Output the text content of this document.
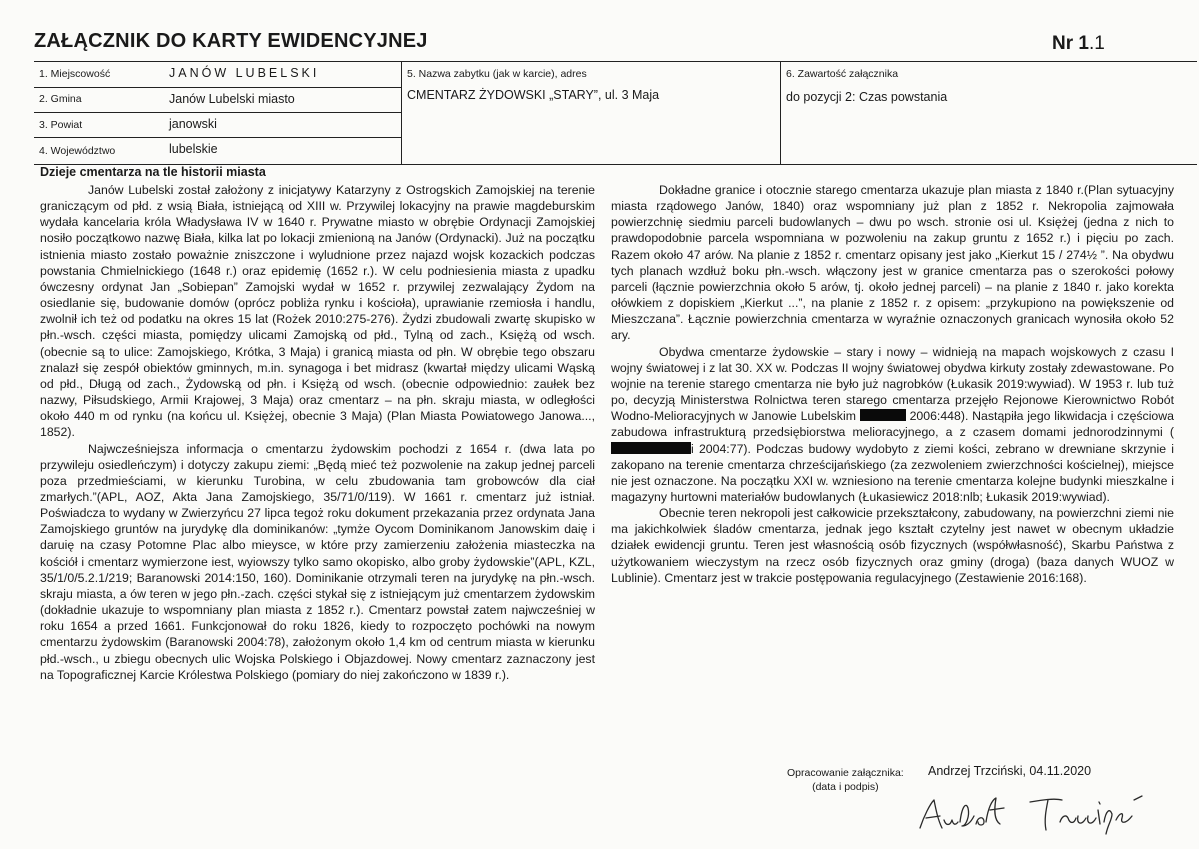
ZAŁĄCZNIK DO KARTY EWIDENCYJNEJ	Nr 1.1
1. Miejscowość	JANÓW LUBELSKI
2. Gmina	Janów Lubelski miasto
3. Powiat	janowski
4. Województwo	lubelskie
5. Nazwa zabytku (jak w karcie), adres
CMENTARZ ŻYDOWSKI „STARY”, ul. 3 Maja
6. Zawartość załącznika
do pozycji 2: Czas powstania
Dzieje cmentarza na tle historii miasta

Janów Lubelski został założony z inicjatywy Katarzyny z Ostrogskich Zamojskiej na terenie graniczącym od płd. z wsią Biała, istniejącą od XIII w. Przywilej lokacyjny na prawie magdeburskim wydała kancelaria króla Władysława IV w 1640 r. Prywatne miasto w obrębie Ordynacji Zamojskiej nosiło początkowo nazwę Biała, kilka lat po lokacji zmienioną na Janów (Ordynacki). Już na początku istnienia miasto zostało poważnie zniszczone i wyludnione przez najazd wojsk kozackich podczas powstania Chmielnickiego (1648 r.) oraz epidemię (1652 r.). W celu podniesienia miasta z upadku ówczesny ordynat Jan „Sobiepan” Zamojski wydał w 1652 r. przywilej zezwalający Żydom na osiedlanie się, budowanie domów (oprócz pobliża rynku i kościoła), uprawianie rzemiosła i handlu, zwolnił ich też od podatku na okres 15 lat (Rożek 2010:275-276). Żydzi zbudowali zwartę skupisko w płn.-wsch. części miasta, pomiędzy ulicami Zamojską od płd., Tylną od zach., Księżą od wsch. (obecnie są to ulice: Zamojskiego, Krótka, 3 Maja) i granicą miasta od płn. W obrębie tego obszaru znalazł się zespół obiektów gminnych, m.in. synagoga i bet midrasz (kwartał między ulicami Wąską od płd., Długą od zach., Żydowską od płn. i Księżą od wsch. (obecnie odpowiednio: zaułek bez nazwy, Piłsudskiego, Armii Krajowej, 3 Maja) oraz cmentarz – na płn. skraju miasta, w odległości około 440 m od rynku (na końcu ul. Księżej, obecnie 3 Maja) (Plan Miasta Powiatowego Janowa..., 1852).

Najwcześniejsza informacja o cmentarzu żydowskim pochodzi z 1654 r. (dwa lata po przywileju osiedleńczym) i dotyczy zakupu ziemi: „Będą mieć też pozwolenie na zakup jednej parceli poza przedmieściami, w kierunku Turobina, w celu zbudowania tam grobowców dla ciał zmarłych.”(APL, AOZ, Akta Jana Zamojskiego, 35/71/0/119). W 1661 r. cmentarz już istniał. Poświadcza to wydany w Zwierzyńcu 27 lipca tegoż roku dokument przekazania przez ordynata Jana Zamojskiego gruntów na jurydykę dla dominikanów: „tymże Oycom Dominikanom Janowskim daię i daruię na czasy Potomne Plac albo mieysce, w które przy zamierzeniu założenia miasteczka na kościół i cmentarz wymierzone iest, wyiowszy tylko samo okopisko, albo groby żydowskie”(APL, KZL, 35/1/0/5.2.1/219; Baranowski 2014:150, 160). Dominikanie otrzymali teren na jurydykę na płn.-wsch. skraju miasta, a ów teren w jego płn.-zach. części stykał się z istniejącym już cmentarzem żydowskim (dokładnie ukazuje to wspomniany plan miasta z 1852 r.). Cmentarz powstał zatem najwcześniej w roku 1654 a przed 1661. Funkcjonował do roku 1826, kiedy to rozpoczęto pochówki na nowym cmentarzu żydowskim (Baranowski 2004:78), założonym około 1,4 km od centrum miasta w kierunku płd.-wsch., u zbiegu obecnych ulic Wojska Polskiego i Objazdowej. Nowy cmentarz zaznaczony jest na Topograficznej Karcie Królestwa Polskiego (pomiary do niej zakończono w 1839 r.).

Dokładne granice i otocznie starego cmentarza ukazuje plan miasta z 1840 r.(Plan sytuacyjny miasta rządowego Janów, 1840) oraz wspomniany już plan z 1852 r. Nekropolia zajmowała powierzchnię siedmiu parceli budowlanych – dwu po wsch. stronie osi ul. Księżej (jedna z nich to prawdopodobnie parcela wspomniana w pozwoleniu na zakup gruntu z 1652 r.) i pięciu po zach. Razem około 47 arów. Na planie z 1852 r. cmentarz opisany jest jako „Kierkut 15 / 274½ ”. Na obydwu tych planach wzdłuż boku płn.-wsch. włączony jest w granice cmentarza pas o szerokości połowy parceli (łącznie powierzchnia około 5 arów, tj. około jednej parceli) – na planie z 1840 r. jako korekta ołówkiem z dopiskiem „Kierkut ...”, na planie z 1852 r. z opisem: „przykupiono na powiększenie od Mieszczana”. Łącznie powierzchnia cmentarza w wyraźnie oznaczonych granicach wynosiła około 52 ary.

Obydwa cmentarze żydowskie – stary i nowy – widnieją na mapach wojskowych z czasu I wojny światowej i z lat 30. XX w. Podczas II wojny światowej obydwa kirkuty zostały zdewastowane. Po wojnie na terenie starego cmentarza nie było już nagrobków (Łukasik 2019:wywiad). W 1953 r. lub tuż po, decyzją Ministerstwa Rolnictwa teren starego cmentarza przejęło Rejonowe Kierownictwo Robót Wodno-Melioracyjnych w Janowie Lubelskim	2006:448). Nastąpiła jego likwidacja i częściowa zabudowa infrastrukturą przedsiębiorstwa melioracyjnego, a z czasem domami jednorodzinnymi (i 2004:77). Podczas budowy wydobyto z ziemi kości, zebrano w drewniane skrzynie i zakopano na terenie cmentarza chrześcijańskiego (za zezwoleniem zwierzchności kościelnej), miejsce nie jest oznaczone. Na początku XXI w. wzniesiono na terenie cmentarza kolejne budynki mieszkalne i magazyny hurtowni materiałów budowlanych (Łukasiewicz 2018:nlb; Łukasik 2019:wywiad).

Obecnie teren nekropoli jest całkowicie przekształcony, zabudowany, na powierzchni ziemi nie ma jakichkolwiek śladów cmentarza, jednak jego kształt czytelny jest nawet w obecnym układzie działek ewidencji gruntu. Teren jest własnością osób fizycznych (współwłasność), Skarbu Państwa z użytkowaniem wieczystym na rzecz osób fizycznych oraz gminy (droga) (baza danych WUOZ w Lublinie). Cmentarz jest w trakcie postępowania regulacyjnego (Zestawienie 2016:168).

Opracowanie załącznika:
(data i podpis)
Andrzej Trzciński, 04.11.2020
